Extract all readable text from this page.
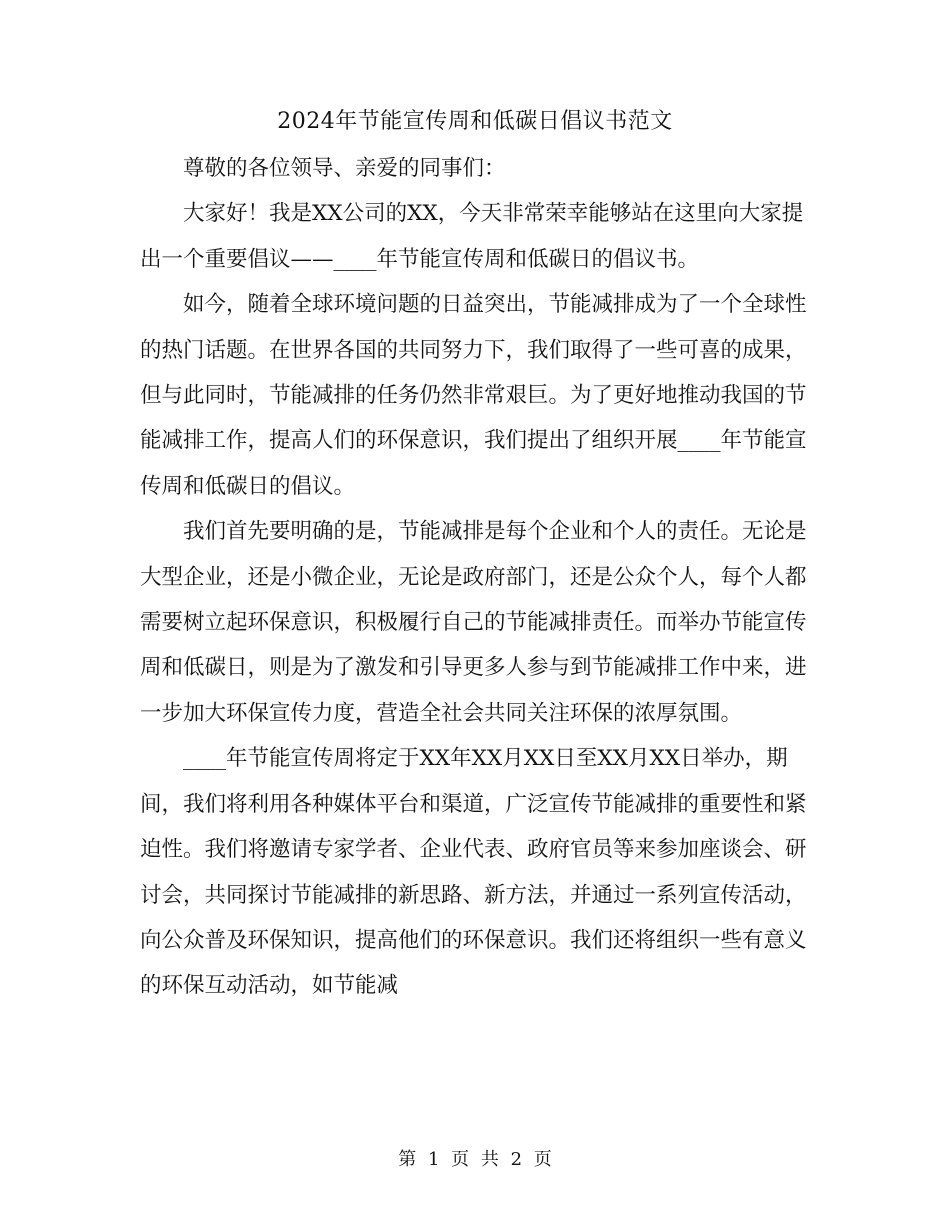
2024年节能宣传周和低碳日倡议书范文

尊敬的各位领导、亲爱的同事们：

大家好！我是XX公司的XX，今天非常荣幸能够站在这里向大家提出一个重要倡议——____年节能宣传周和低碳日的倡议书。

如今，随着全球环境问题的日益突出，节能减排成为了一个全球性的热门话题。在世界各国的共同努力下，我们取得了一些可喜的成果，但与此同时，节能减排的任务仍然非常艰巨。为了更好地推动我国的节能减排工作，提高人们的环保意识，我们提出了组织开展____年节能宣传周和低碳日的倡议。

我们首先要明确的是，节能减排是每个企业和个人的责任。无论是大型企业，还是小微企业，无论是政府部门，还是公众个人，每个人都需要树立起环保意识，积极履行自己的节能减排责任。而举办节能宣传周和低碳日，则是为了激发和引导更多人参与到节能减排工作中来，进一步加大环保宣传力度，营造全社会共同关注环保的浓厚氛围。

____年节能宣传周将定于XX年XX月XX日至XX月XX日举办，期间，我们将利用各种媒体平台和渠道，广泛宣传节能减排的重要性和紧迫性。我们将邀请专家学者、企业代表、政府官员等来参加座谈会、研讨会，共同探讨节能减排的新思路、新方法，并通过一系列宣传活动，向公众普及环保知识，提高他们的环保意识。我们还将组织一些有意义的环保互动活动，如节能减

第 1 页 共 2 页
